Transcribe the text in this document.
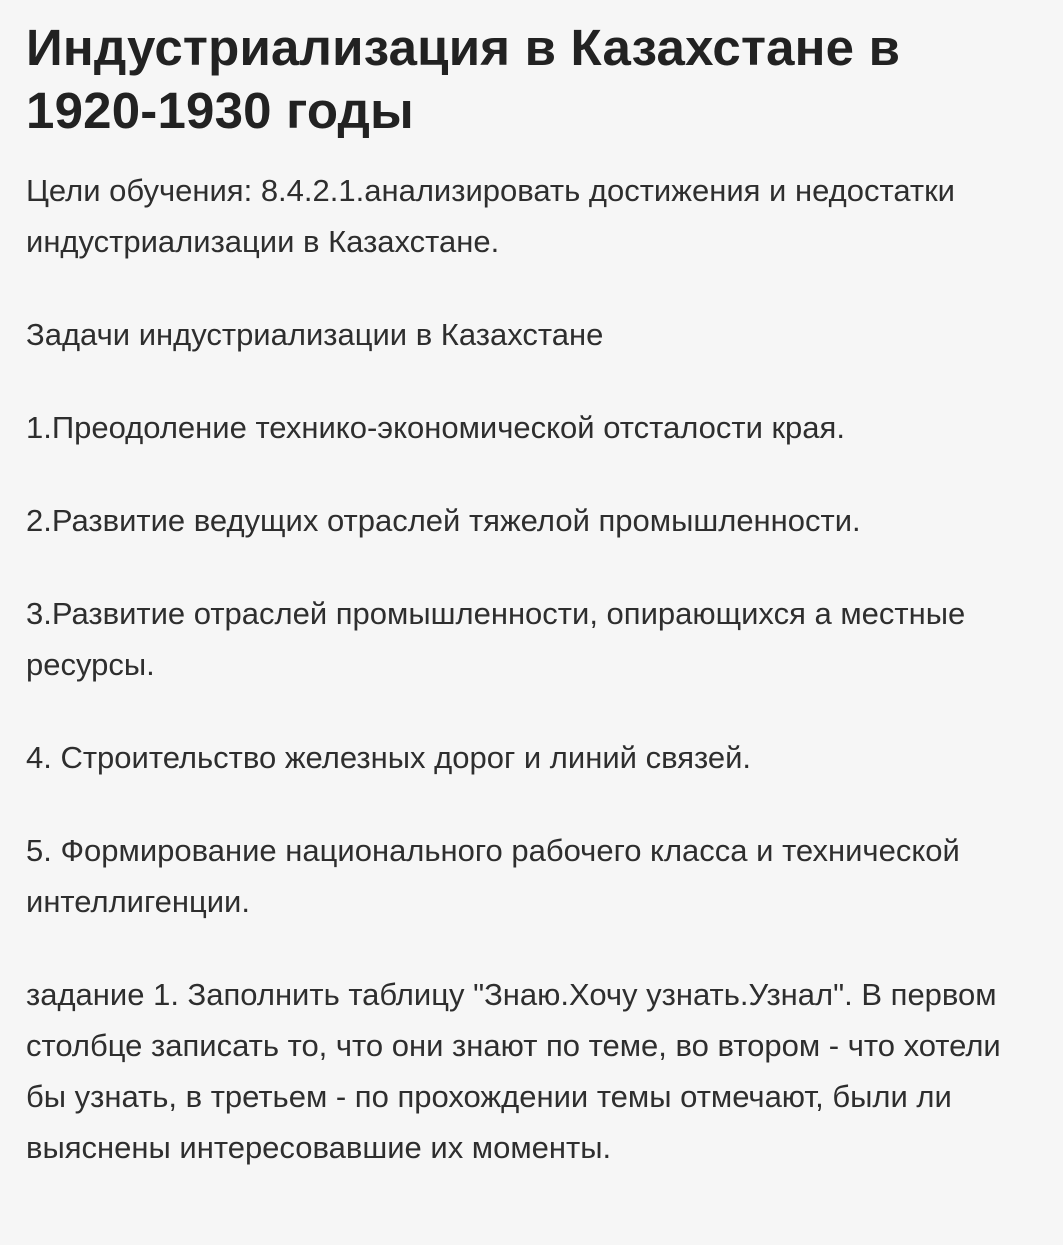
Индустриализация в Казахстане в 1920-1930 годы

Цели обучения: 8.4.2.1.анализировать достижения и недостатки индустриализации в Казахстане.

Задачи индустриализации в Казахстане

1.Преодоление технико-экономической отсталости края.

2.Развитие ведущих отраслей тяжелой промышленности.

3.Развитие отраслей промышленности, опирающихся а местные ресурсы.

4. Строительство железных дорог и линий связей.

5. Формирование национального рабочего класса и технической интеллигенции.

задание 1. Заполнить таблицу "Знаю.Хочу узнать.Узнал". В первом столбце записать то, что они знают по теме, во втором - что хотели бы узнать, в третьем - по прохождении темы отмечают, были ли выяснены интересовавшие их моменты.
